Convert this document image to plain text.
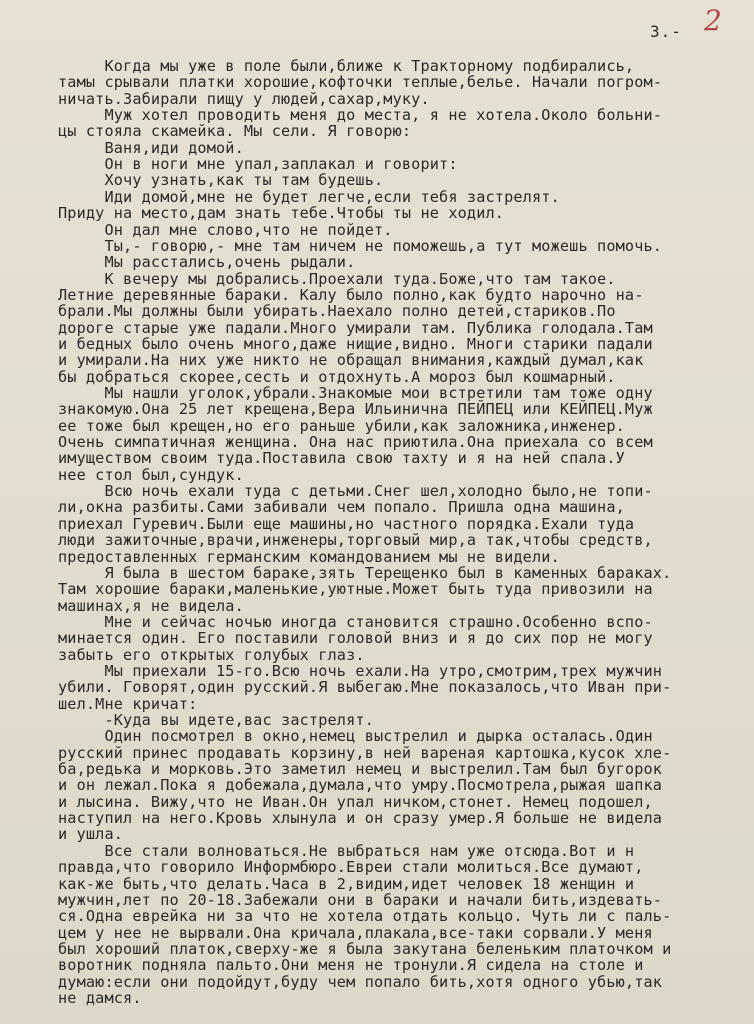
3.- 2
Когда мы уже в поле были,ближе к Тракторному подбирались,
тамы срывали платки хорошие,кофточки теплые,белье. Начали погром-
ничать.Забирали пищу у людей,сахар,муку.
Муж хотел проводить меня до места, я не хотела.Около больни-
цы стояла скамейка. Мы сели. Я говорю:
Ваня,иди домой.
Он в ноги мне упал,заплакал и говорит:
Хочу узнать,как ты там будешь.
Иди домой,мне не будет легче,если тебя застрелят.
Приду на место,дам знать тебе.Чтобы ты не ходил.
Он дал мне слово,что не пойдет.
Ты,- говорю,- мне там ничем не поможешь,а тут можешь помочь.
Мы расстались,очень рыдали.
К вечеру мы добрались.Проехали туда.Боже,что там такое.
Летние деревянные бараки. Калу было полно,как будто нарочно на-
брали.Мы должны были убирать.Наехало полно детей,стариков.По
дороге старые уже падали.Много умирали там. Публика голодала.Там
и бедных было очень много,даже нищие,видно. Многи старики падали
и умирали.На них уже никто не обращал внимания,каждый думал,как
бы добраться скорее,сесть и отдохнуть.А мороз был кошмарный.
Мы нашли уголок,убрали.Знакомые мои встретили там тоже одну
знакомую.Она 25 лет крещена,Вера Ильинична ПЕЙПЕЦ или КЕЙПЕЦ.Муж
ее тоже был крещен,но его раньше убили,как заложника,инженер.
Очень симпатичная женщина. Она нас приютила.Она приехала со всем
имуществом своим туда.Поставила свою тахту и я на ней спала.У
нее стол был,сундук.
Всю ночь ехали туда с детьми.Снег шел,холодно было,не топи-
ли,окна разбиты.Сами забивали чем попало. Пришла одна машина,
приехал Гуревич.Были еще машины,но частного порядка.Ехали туда
люди зажиточные,врачи,инженеры,торговый мир,а так,чтобы средств,
предоставленных германским командованием мы не видели.
Я была в шестом бараке,зять Терещенко был в каменных бараках.
Там хорошие бараки,маленькие,уютные.Может быть туда привозили на
машинах,я не видела.
Мне и сейчас ночью иногда становится страшно.Особенно вспо-
минается один. Его поставили головой вниз и я до сих пор не могу
забыть его открытых голубых глаз.
Мы приехали 15-го.Всю ночь ехали.На утро,смотрим,трех мужчин
убили. Говорят,один русский.Я выбегаю.Мне показалось,что Иван при-
шел.Мне кричат:
-Куда вы идете,вас застрелят.
Один посмотрел в окно,немец выстрелил и дырка осталась.Один
русский принес продавать корзину,в ней вареная картошка,кусок хле-
ба,редька и морковь.Это заметил немец и выстрелил.Там был бугорок
и он лежал.Пока я добежала,думала,что умру.Посмотрела,рыжая шапка
и лысина. Вижу,что не Иван.Он упал ничком,стонет. Немец подошел,
наступил на него.Кровь хлынула и он сразу умер.Я больше не видела
и ушла.
Все стали волноваться.Не выбраться нам уже отсюда.Вот и н
правда,что говорило Информбюро.Евреи стали молиться.Все думают,
как-же быть,что делать.Часа в 2,видим,идет человек 18 женщин и
мужчин,лет по 20-18.Забежали они в бараки и начали бить,издевать-
ся.Одна еврейка ни за что не хотела отдать кольцо. Чуть ли с паль-
цем у нее не вырвали.Она кричала,плакала,все-таки сорвали.У меня
был хороший платок,сверху-же я была закутана беленьким платочком и
воротник подняла пальто.Они меня не тронули.Я сидела на столе и
думаю:если они подойдут,буду чем попало бить,хотя одного убью,так
не дамся.
